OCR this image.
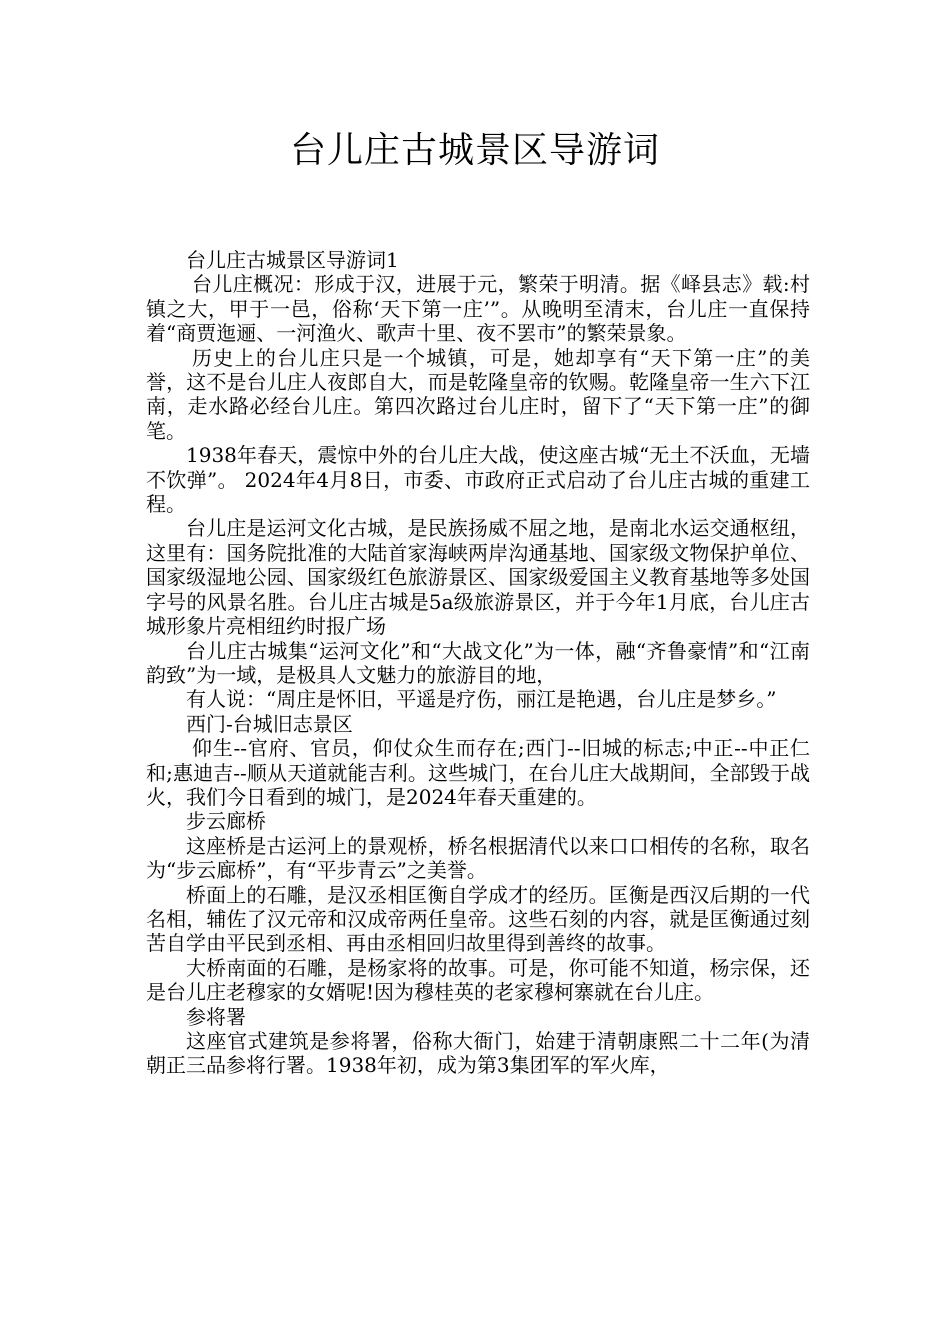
台儿庄古城景区导游词

台儿庄古城景区导游词1

台儿庄概况：形成于汉，进展于元，繁荣于明清。据《峄县志》载:村镇之大，甲于一邑，俗称‘天下第一庄’”。从晚明至清末，台儿庄一直保持着“商贾迤逦、一河渔火、歌声十里、夜不罢市”的繁荣景象。

历史上的台儿庄只是一个城镇，可是，她却享有“天下第一庄”的美誉，这不是台儿庄人夜郎自大，而是乾隆皇帝的钦赐。乾隆皇帝一生六下江南，走水路必经台儿庄。第四次路过台儿庄时，留下了“天下第一庄”的御笔。

1938年春天，震惊中外的台儿庄大战，使这座古城“无土不沃血，无墙不饮弹”。 2024年4月8日，市委、市政府正式启动了台儿庄古城的重建工程。

台儿庄是运河文化古城，是民族扬威不屈之地，是南北水运交通枢纽，这里有：国务院批准的大陆首家海峡两岸沟通基地、国家级文物保护单位、国家级湿地公园、国家级红色旅游景区、国家级爱国主义教育基地等多处国字号的风景名胜。台儿庄古城是5a级旅游景区，并于今年1月底，台儿庄古城形象片亮相纽约时报广场

台儿庄古城集“运河文化”和“大战文化”为一体，融“齐鲁豪情”和“江南韵致”为一域，是极具人文魅力的旅游目的地，

有人说：“周庄是怀旧，平遥是疗伤，丽江是艳遇，台儿庄是梦乡。”

西门-台城旧志景区

仰生--官府、官员，仰仗众生而存在;西门--旧城的标志;中正--中正仁和;惠迪吉--顺从天道就能吉利。这些城门，在台儿庄大战期间，全部毁于战火，我们今日看到的城门，是2024年春天重建的。

步云廊桥

这座桥是古运河上的景观桥，桥名根据清代以来口口相传的名称，取名为“步云廊桥”，有“平步青云”之美誉。

桥面上的石雕，是汉丞相匡衡自学成才的经历。匡衡是西汉后期的一代名相，辅佐了汉元帝和汉成帝两任皇帝。这些石刻的内容，就是匡衡通过刻苦自学由平民到丞相、再由丞相回归故里得到善终的故事。

大桥南面的石雕，是杨家将的故事。可是，你可能不知道，杨宗保，还是台儿庄老穆家的女婿呢!因为穆桂英的老家穆柯寨就在台儿庄。

参将署

这座官式建筑是参将署，俗称大衙门，始建于清朝康熙二十二年(为清朝正三品参将行署。1938年初，成为第3集团军的军火库，
